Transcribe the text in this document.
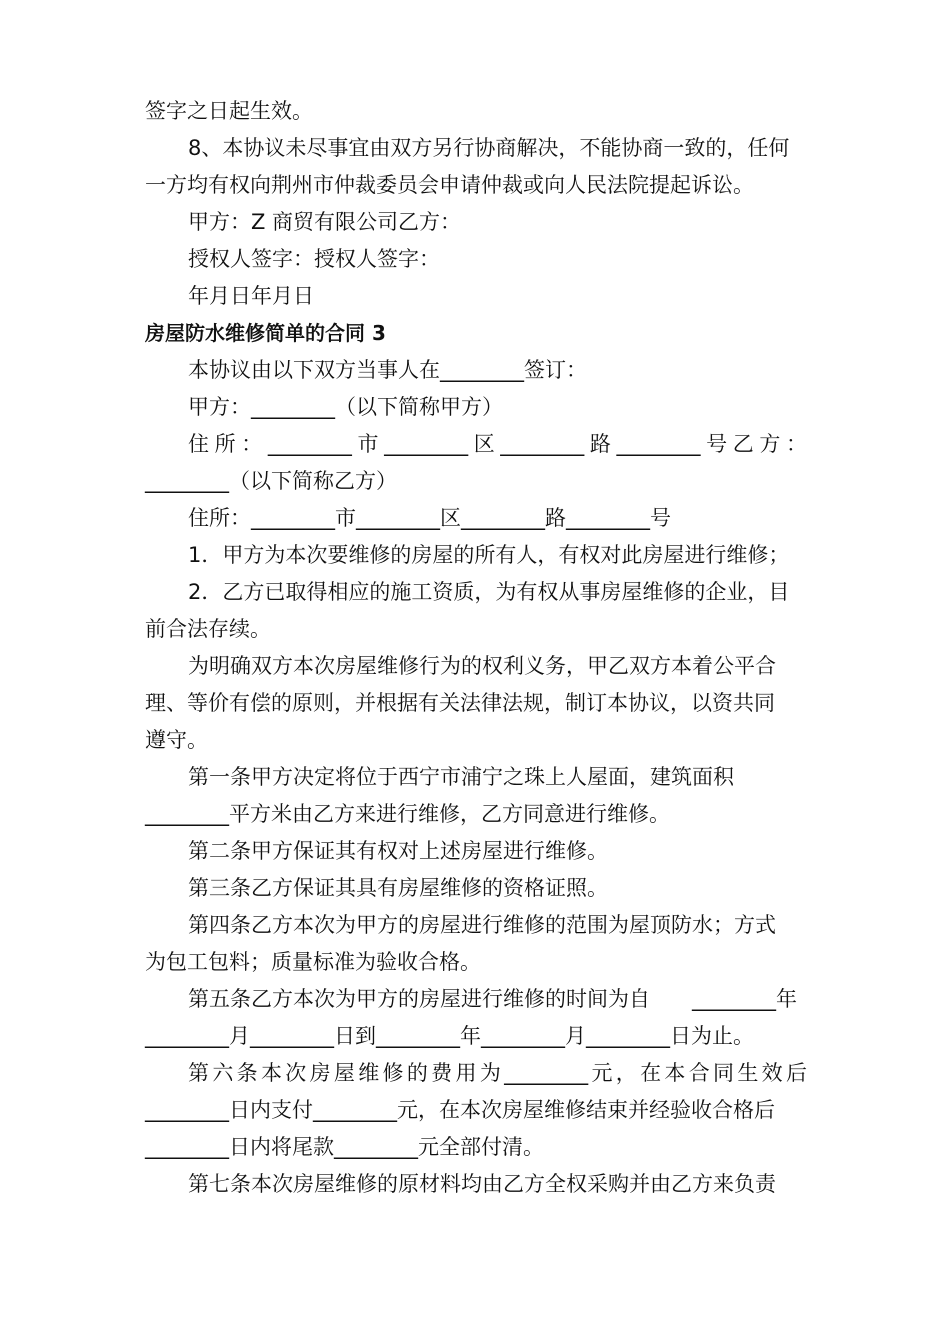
签字之日起生效。

8、本协议未尽事宜由双方另行协商解决，不能协商一致的，任何

一方均有权向荆州市仲裁委员会申请仲裁或向人民法院提起诉讼。

甲方：Z 商贸有限公司乙方：

授权人签字：授权人签字：

年月日年月日

房屋防水维修简单的合同 3

本协议由以下双方当事人在________签订：

甲方：________（以下简称甲方）

住所：________市________区________路________号乙方：

________（以下简称乙方）

住所：________市________区________路________号

1．甲方为本次要维修的房屋的所有人，有权对此房屋进行维修；

2．乙方已取得相应的施工资质，为有权从事房屋维修的企业，目

前合法存续。

为明确双方本次房屋维修行为的权利义务，甲乙双方本着公平合

理、等价有偿的原则，并根据有关法律法规，制订本协议，以资共同

遵守。

第一条甲方决定将位于西宁市浦宁之珠上人屋面，建筑面积

________平方米由乙方来进行维修，乙方同意进行维修。

第二条甲方保证其有权对上述房屋进行维修。

第三条乙方保证其具有房屋维修的资格证照。

第四条乙方本次为甲方的房屋进行维修的范围为屋顶防水；方式

为包工包料；质量标准为验收合格。

第五条乙方本次为甲方的房屋进行维修的时间为自　　________年

________月________日到________年________月________日为止。

第六条本次房屋维修的费用为________元，在本合同生效后

________日内支付________元，在本次房屋维修结束并经验收合格后

________日内将尾款________元全部付清。

第七条本次房屋维修的原材料均由乙方全权采购并由乙方来负责
